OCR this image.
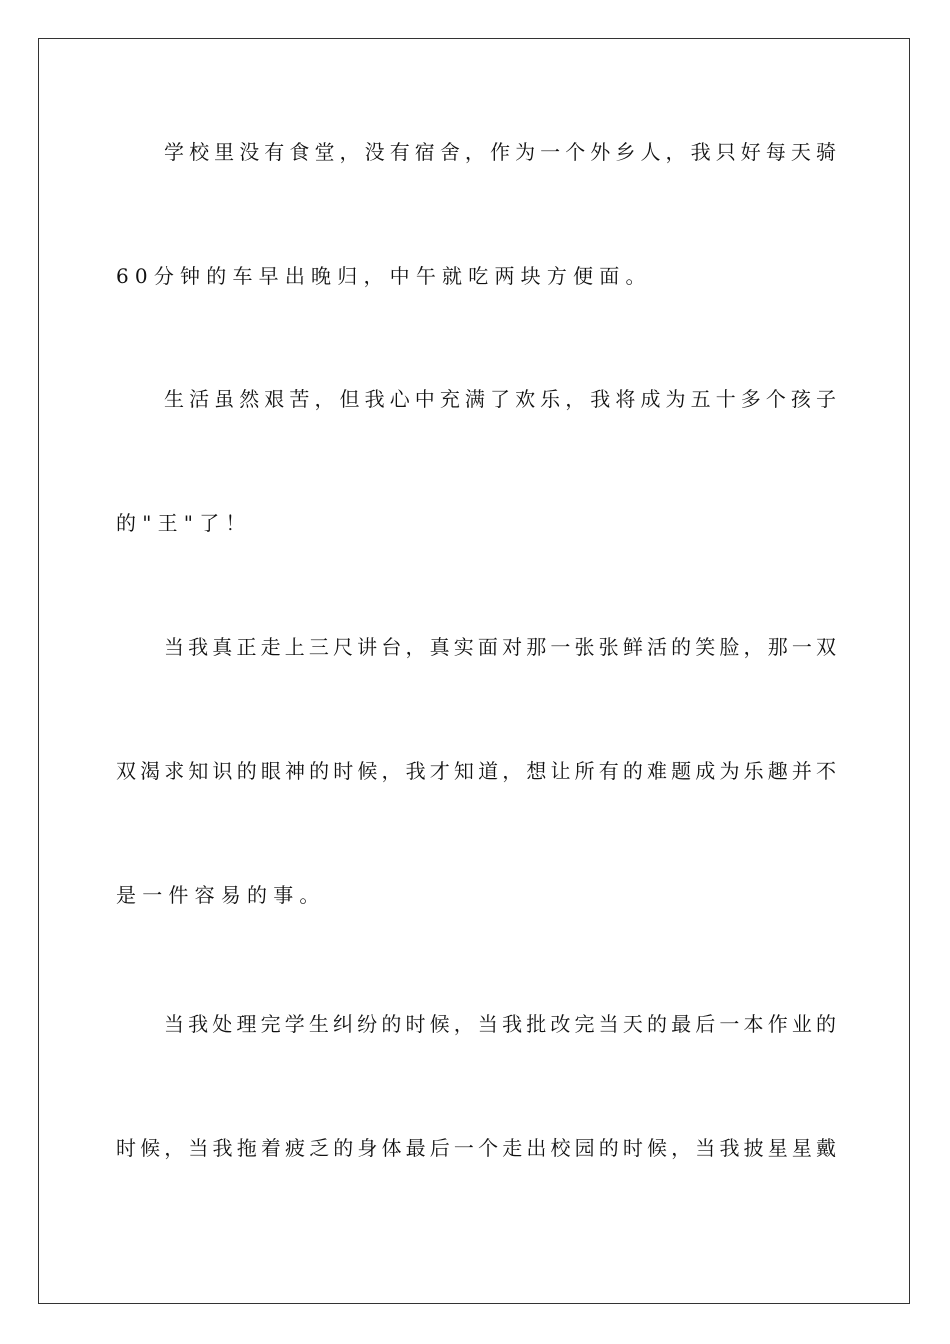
学校里没有食堂，没有宿舍，作为一个外乡人，我只好每天骑
60分钟的车早出晚归，中午就吃两块方便面。
生活虽然艰苦，但我心中充满了欢乐，我将成为五十多个孩子
的"王"了！
当我真正走上三尺讲台，真实面对那一张张鲜活的笑脸，那一双
双渴求知识的眼神的时候，我才知道，想让所有的难题成为乐趣并不
是一件容易的事。
当我处理完学生纠纷的时候，当我批改完当天的最后一本作业的
时候，当我拖着疲乏的身体最后一个走出校园的时候，当我披星星戴
